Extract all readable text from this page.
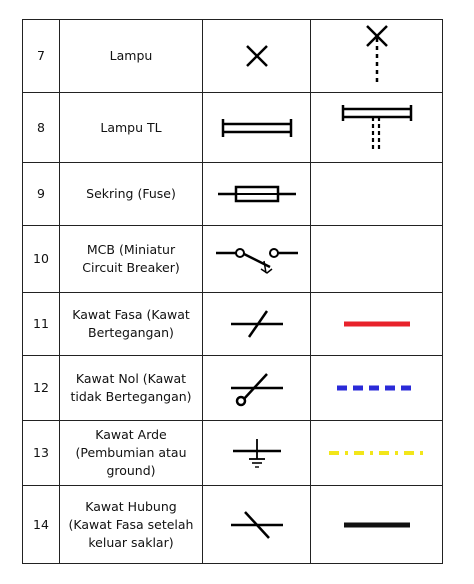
7	Lampu

8	Lampu TL

9	Sekring (Fuse)

10	MCB (Miniatur Circuit Breaker)

11	Kawat Fasa (Kawat Bertegangan)

12	Kawat Nol (Kawat tidak Bertegangan)

13	Kawat Arde (Pembumian atau ground)

14	Kawat Hubung (Kawat Fasa setelah keluar saklar)
